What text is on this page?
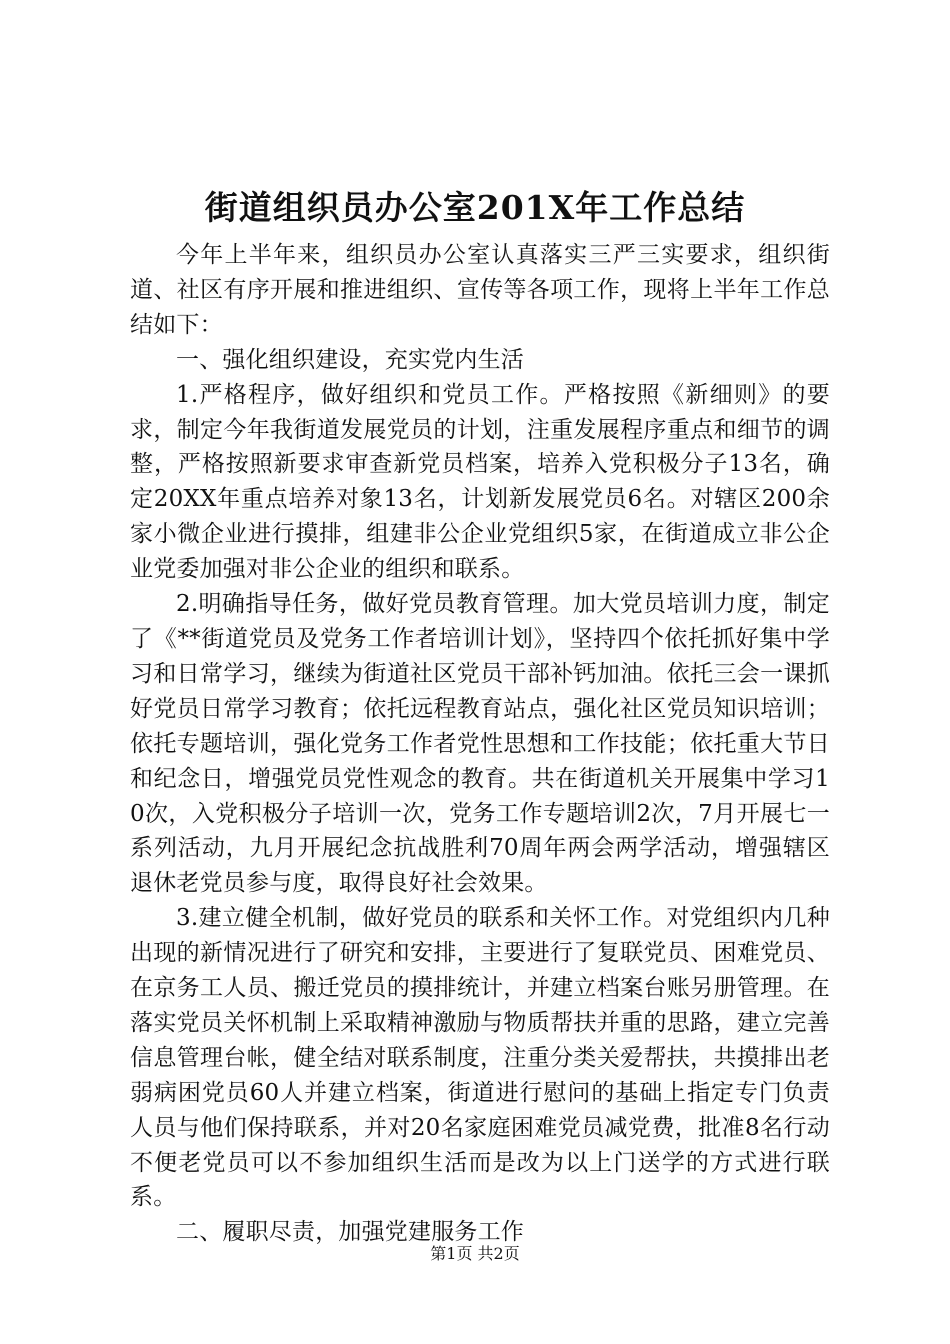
街道组织员办公室201X年工作总结

今年上半年来，组织员办公室认真落实三严三实要求，组织街道、社区有序开展和推进组织、宣传等各项工作，现将上半年工作总结如下：

一、强化组织建设，充实党内生活

1.严格程序，做好组织和党员工作。严格按照《新细则》的要求，制定今年我街道发展党员的计划，注重发展程序重点和细节的调整，严格按照新要求审查新党员档案，培养入党积极分子13名，确定20XX年重点培养对象13名，计划新发展党员6名。对辖区200余家小微企业进行摸排，组建非公企业党组织5家，在街道成立非公企业党委加强对非公企业的组织和联系。

2.明确指导任务，做好党员教育管理。加大党员培训力度，制定了《**街道党员及党务工作者培训计划》，坚持四个依托抓好集中学习和日常学习，继续为街道社区党员干部补钙加油。依托三会一课抓好党员日常学习教育；依托远程教育站点，强化社区党员知识培训；依托专题培训，强化党务工作者党性思想和工作技能；依托重大节日和纪念日，增强党员党性观念的教育。共在街道机关开展集中学习10次，入党积极分子培训一次，党务工作专题培训2次，7月开展七一系列活动，九月开展纪念抗战胜利70周年两会两学活动，增强辖区退休老党员参与度，取得良好社会效果。

3.建立健全机制，做好党员的联系和关怀工作。对党组织内几种出现的新情况进行了研究和安排，主要进行了复联党员、困难党员、在京务工人员、搬迁党员的摸排统计，并建立档案台账另册管理。在落实党员关怀机制上采取精神激励与物质帮扶并重的思路，建立完善信息管理台帐，健全结对联系制度，注重分类关爱帮扶，共摸排出老弱病困党员60人并建立档案，街道进行慰问的基础上指定专门负责人员与他们保持联系，并对20名家庭困难党员减党费，批准8名行动不便老党员可以不参加组织生活而是改为以上门送学的方式进行联系。

二、履职尽责，加强党建服务工作

第1页 共2页
